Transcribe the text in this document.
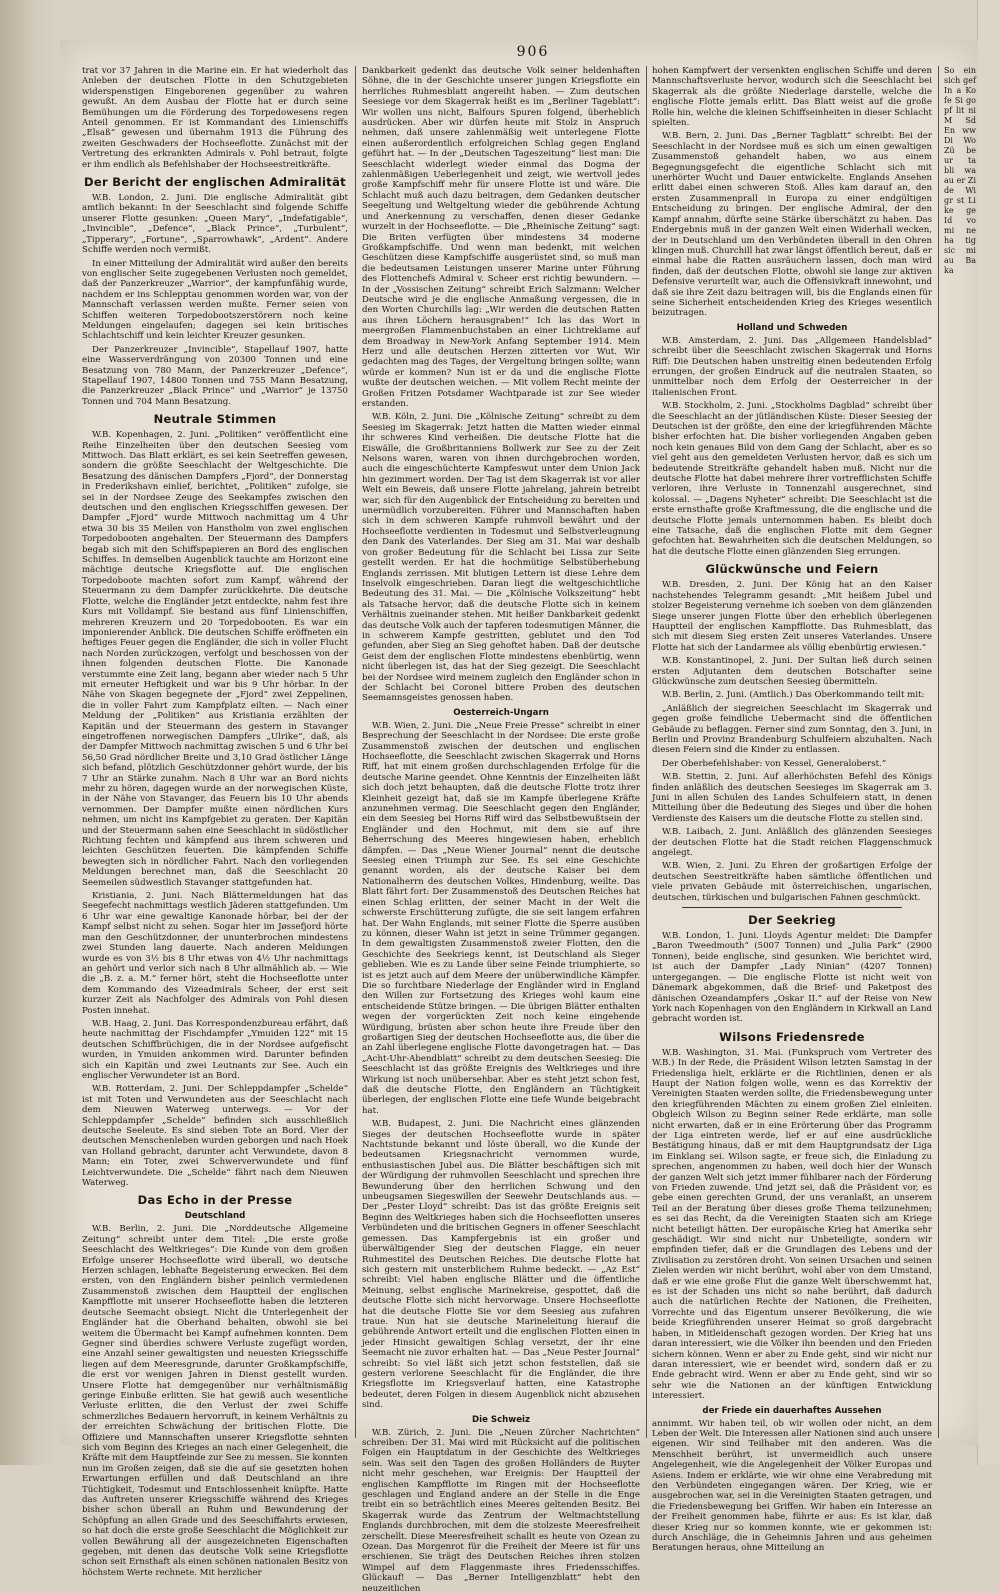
906

trat vor 37 Jahren in die Marine ein. Er hat wiederholt das Anleben der deutschen Flotte in den Schutzgebieten widerspenstigen Eingeborenen gegenüber zu wahren gewußt. An dem Ausbau der Flotte hat er durch seine Bemühungen um die Förderung des Torpedowesens regen Anteil genommen. Er ist Kommandant des Linienschiffs „Elsaß“ gewesen und übernahm 1913 die Führung des zweiten Geschwaders der Hochseeflotte. Zunächst mit der Vertretung des erkrankten Admirals v. Pohl betraut, folgte er ihm endlich als Befehlshaber der Hochseestreitkräfte.

Der Bericht der englischen Admiralität

W.B. London, 2. Juni. Die englische Admiralität gibt amtlich bekannt: In der Seeschlacht sind folgende Schiffe unserer Flotte gesunken: „Queen Mary“, „Indefatigable“, „Invincible“, „Defence“, „Black Prince“, „Turbulent“, „Tipperary“, „Fortune“, „Sparrowhawk“, „Ardent“. Andere Schiffe werden noch vermißt.

In einer Mitteilung der Admiralität wird außer den bereits von englischer Seite zugegebenen Verlusten noch gemeldet, daß der Panzerkreuzer „Warrior“, der kampfunfähig wurde, nachdem er ins Schlepptau genommen worden war, von der Mannschaft verlassen werden mußte. Ferner seien von Schiffen weiteren Torpedobootszerstörern noch keine Meldungen eingelaufen; dagegen sei kein britisches Schlachtschiff und kein leichter Kreuzer gesunken.

Der Panzerkreuzer „Invincible“, Stapellauf 1907, hatte eine Wasserverdrängung von 20300 Tonnen und eine Besatzung von 780 Mann, der Panzerkreuzer „Defence“, Stapellauf 1907, 14800 Tonnen und 755 Mann Besatzung, die Panzerkreuzer „Black Prince“ und „Warrior“ je 13750 Tonnen und 704 Mann Besatzung.

Neutrale Stimmen

W.B. Kopenhagen, 2. Juni. „Politiken“ veröffentlicht eine Reihe Einzelheiten über den deutschen Seesieg vom Mittwoch. Das Blatt erklärt, es sei kein Seetreffen gewesen, sondern die größte Seeschlacht der Weltgeschichte. Die Besatzung des dänischen Dampfers „Fjord“, der Donnerstag in Frederikshavn einlief, berichtet, „Politiken“ zufolge, sie sei in der Nordsee Zeuge des Seekampfes zwischen den deutschen und den englischen Kriegsschiffen gewesen. Der Dampfer „Fjord“ wurde Mittwoch nachmittag um 4 Uhr etwa 30 bis 35 Meilen von Hanstholm von zwei englischen Torpedobooten angehalten. Der Steuermann des Dampfers begab sich mit den Schiffspapieren an Bord des englischen Schiffes. In demselben Augenblick tauchte am Horizont eine mächtige deutsche Kriegsflotte auf. Die englischen Torpedoboote machten sofort zum Kampf, während der Steuermann zu dem Dampfer zurückkehrte. Die deutsche Flotte, welche die Engländer jetzt entdeckte, nahm fest ihre Kurs mit Volldampf. Sie bestand aus fünf Linienschiffen, mehreren Kreuzern und 20 Torpedobooten. Es war ein imponierender Anblick. Die deutschen Schiffe eröffneten ein heftiges Feuer gegen die Engländer, die sich in voller Flucht nach Norden zurückzogen, verfolgt und beschossen von der ihnen folgenden deutschen Flotte. Die Kanonade verstummte eine Zeit lang, begann aber wieder nach 5 Uhr mit erneuter Heftigkeit und war bis 9 Uhr hörbar. In der Nähe von Skagen begegnete der „Fjord“ zwei Zeppelinen, die in voller Fahrt zum Kampfplatz eilten. — Nach einer Meldung der „Politiken“ aus Kristiania erzählten der Kapitän und der Steuermann des gestern in Stavanger eingetroffenen norwegischen Dampfers „Ulrike“, daß, als der Dampfer Mittwoch nachmittag zwischen 5 und 6 Uhr bei 56,50 Grad nördlicher Breite und 3,10 Grad östlicher Länge sich befand, plötzlich Geschützdonner gehört wurde, der bis 7 Uhr an Stärke zunahm. Nach 8 Uhr war an Bord nichts mehr zu hören, dagegen wurde an der norwegischen Küste, in der Nähe von Stavanger, das Feuern bis 10 Uhr abends vernommen. Der Dampfer mußte einen nördlichen Kurs nehmen, um nicht ins Kampfgebiet zu geraten. Der Kapitän und der Steuermann sahen eine Seeschlacht in südöstlicher Richtung fechten und kämpfend aus ihrem schweren und leichten Geschützen feuerten. Die kämpfenden Schiffe bewegten sich in nördlicher Fahrt. Nach den vorliegenden Meldungen berechnet man, daß die Seeschlacht 20 Seemeilen südwestlich Stavanger stattgefunden hat.

Kristiania, 2. Juni. Nach Blättermeldungen hat das Seegefecht nachmittags westlich Jäderen stattgefunden. Um 6 Uhr war eine gewaltige Kanonade hörbar, bei der der Kampf selbst nicht zu sehen. Sogar hier im Jøssefjord hörte man den Geschützdonner, der ununterbrochen mindestens zwei Stunden lang dauerte. Nach anderen Meldungen wurde es von 3½ bis 8 Uhr etwas von 4½ Uhr nachmittags an gehört und verlor sich nach 8 Uhr allmählich ab. — Wie die „B. z. a. M.“ ferner hört, steht die Hochseeflotte unter dem Kommando des Vizeadmirals Scheer, der erst seit kurzer Zeit als Nachfolger des Admirals von Pohl diesen Posten innehat.

W.B. Haag, 2. Juni. Das Korrespondenzbureau erfährt, daß heute nachmittag der Fischdampfer „Ymuiden 122“ mit 15 deutschen Schiffbrüchigen, die in der Nordsee aufgefischt wurden, in Ymuiden ankommen wird. Darunter befinden sich ein Kapitän und zwei Leutnants zur See. Auch ein englischer Verwundeter ist an Bord.

W.B. Rotterdam, 2. Juni. Der Schleppdampfer „Schelde“ ist mit Toten und Verwundeten aus der Seeschlacht nach dem Nieuwen Waterweg unterwegs. — Vor der Schleppdampfer „Schelde“ befinden sich ausschließlich deutsche Seeleute. Es sind sieben Tote an Bord. Vier der deutschen Menschenleben wurden geborgen und nach Hoek van Holland gebracht, darunter acht Verwundete, davon 8 Mann; ein Toter, zwei Schwerverwundete und fünf Leichtverwundete. Die „Schelde“ fährt nach dem Nieuwen Waterweg.

Das Echo in der Presse
Deutschland

W.B. Berlin, 2. Juni. Die „Norddeutsche Allgemeine Zeitung“ schreibt unter dem Titel: „Die erste große Seeschlacht des Weltkrieges“: Die Kunde von dem großen Erfolge unserer Hochseeflotte wird überall, wo deutsche Herzen schlagen, lebhafte Begeisterung erwecken. Bei dem ersten, von den Engländern bisher peinlich vermiedenen Zusammenstoß zwischen dem Hauptteil der englischen Kampfflotte mit unserer Hochseeflotte haben die letzteren deutsche Seemacht obsiegt. Nicht die Unterlegenheit der Engländer hat die Oberhand behalten, obwohl sie bei weitem die Übermacht bei Kampf aufnehmen konnten. Dem Gegner sind überdies schwere Verluste zugefügt worden, eine Anzahl seiner gewaltigsten und neuesten Kriegsschiffe liegen auf dem Meeresgrunde, darunter Großkampfschiffe, die erst vor wenigen Jahren in Dienst gestellt wurden. Unsere Flotte hat demgegenüber nur verhältnismäßig geringe Einbuße erlitten. Sie hat gewiß auch wesentliche Verluste erlitten, die den Verlust der zwei Schiffe schmerzliches Bedauern hervorruft, in keinem Verhältnis zu der erreichten Schwächung der britischen Flotte. Die Offiziere und Mannschaften unserer Kriegsflotte sehnten sich vom Beginn des Krieges an nach einer Gelegenheit, die Kräfte mit dem Hauptfeinde zur See zu messen. Sie konnten nun im Großen zeigen, daß sie die auf sie gesetzten hohen Erwartungen erfüllen und daß Deutschland an ihre Tüchtigkeit, Todesmut und Entschlossenheit knüpfte. Hatte das Auftreten unserer Kriegsschiffe während des Krieges bisher schon überall an Ruhm und Bewunderung der Schöpfung an allen Grade und des Seeschiffahrts erwiesen, so hat doch die erste große Seeschlacht die Möglichkeit zur vollen Bewährung all der ausgezeichneten Eigenschaften gegeben, mit denen das deutsche Volk seine Kriegsflotte schon seit Ernsthaft als einen schönen nationalen Besitz von höchstem Werte rechnete. Mit herzlicher

Dankbarkeit gedenkt das deutsche Volk seiner heldenhaften Söhne, die in der Geschichte unserer jungen Kriegsflotte ein herrliches Ruhmesblatt angereiht haben. — Zum deutschen Seesiege vor dem Skagerrak heißt es im „Berliner Tageblatt“: Wir wollen uns nicht, Balfours Spuren folgend, überheblich ausdrücken. Aber wir dürfen heute mit Stolz in Anspruch nehmen, daß unsere zahlenmäßig weit unterlegene Flotte einen außerordentlich erfolgreichen Schlag gegen England geführt hat. — In der „Deutschen Tageszeitung“ liest man: Die Seeschlacht widerlegt wieder einmal das Dogma der zahlenmäßigen Ueberlegenheit und zeigt, wie wertvoll jedes große Kampfschiff mehr für unsere Flotte ist und wäre. Die Schlacht muß auch dazu beitragen, dem Gedanken deutscher Seegeltung und Weltgeltung wieder die gebührende Achtung und Anerkennung zu verschaffen, denen dieser Gedanke wurzelt in der Hochseeflotte. — Die „Rheinische Zeitung“ sagt: Die Briten verfügten über mindestens 34 moderne Großkampfschiffe. Und wenn man bedenkt, mit welchen Geschützen diese Kampfschiffe ausgerüstet sind, so muß man die bedeutsamen Leistungen unserer Marine unter Führung des Flottenchefs Admiral v. Scheer erst richtig bewundern. — In der „Vossischen Zeitung“ schreibt Erich Salzmann: Welcher Deutsche wird je die englische Anmaßung vergessen, die in den Worten Churchills lag: „Wir werden die deutschen Ratten aus ihren Löchern herausgraben!“ Ich las das Wort in meergroßen Flammenbuchstaben an einer Lichtreklame auf dem Broadway in New-York Anfang September 1914. Mein Herz und alle deutschen Herzen zitterten vor Wut. Wir gedachten mag des Tages, der Vergeltung bringen sollte; wann würde er kommen? Nun ist er da und die englische Flotte wußte der deutschen weichen. — Mit vollem Recht meinte der Großen Fritzen Potsdamer Wachtparade ist zur See wieder erstanden.

W.B. Köln, 2. Juni. Die „Kölnische Zeitung“ schreibt zu dem Seesieg im Skagerrak: Jetzt hatten die Matten wieder einmal ihr schweres Kind verheißen. Die deutsche Flotte hat die Eiswälle, die Großbritanniens Bollwerk zur See zu der Zeit Nelsons waren, waren von ihnen durchgebrochen worden, auch die eingeschüchterte Kampfeswut unter dem Union Jack hin gezimmert worden. Der Tag ist dem Skagerrak ist vor aller Welt ein Beweis, daß unsere Flotte jahrelang, jahrein betreibt war, sich für den Augenblick der Entscheidung zu bereiten und unermüdlich vorzubereiten. Führer und Mannschaften haben sich in dem schweren Kampfe ruhmvoll bewährt und der Hochseeflotte verdienten in Todesmut und Selbstverleugnung den Dank des Vaterlandes. Der Sieg am 31. Mai war deshalb von großer Bedeutung für die Schlacht bei Lissa zur Seite gestellt werden. Er hat die hochmütige Selbstüberhebung Englands zerrissen. Mit blutigen Lettern ist diese Lehre dem Inselvolk eingeschrieben. Daran liegt die weltgeschichtliche Bedeutung des 31. Mai. — Die „Kölnische Volkszeitung“ hebt als Tatsache hervor, daß die deutsche Flotte sich in keinem Verhältnis zueinander stehen. Mit heißer Dankbarkeit gedenkt das deutsche Volk auch der tapferen todesmutigen Männer, die in schwerem Kampfe gestritten, geblutet und den Tod gefunden, aber Sieg an Sieg gehoftet haben. Daß der deutsche Geist dem der englischen Flotte mindestens ebenbürtig, wenn nicht überlegen ist, das hat der Sieg gezeigt. Die Seeschlacht bei der Nordsee wird meinem zugleich den Engländer schon in der Schlacht bei Coronel bittere Proben des deutschen Seemannsgeistes genossen haben.

Oesterreich-Ungarn

W.B. Wien, 2. Juni. Die „Neue Freie Presse“ schreibt in einer Besprechung der Seeschlacht in der Nordsee: Die erste große Zusammenstoß zwischen der deutschen und englischen Hochseeflotte, die Seeschlacht zwischen Skagerrak und Horns Riff, hat mit einem großen durchschlagenden Erfolge für die deutsche Marine geendet. Ohne Kenntnis der Einzelheiten läßt sich doch jetzt behaupten, daß die deutsche Flotte trotz ihrer Kleinheit gezeigt hat, daß sie im Kampfe überlegene Kräfte anzunehmen vermag. Die Seeschlacht gegen den Engländer, ein dem Seesieg bei Horns Riff wird das Selbstbewußtsein der Engländer und den Hochmut, mit dem sie auf ihre Beherrschung des Meeres hingewiesen haben, erheblich dämpfen. — Das „Neue Wiener Journal“ nennt die deutsche Seesieg einen Triumph zur See. Es sei eine Geschichte genannt worden, als der deutsche Kaiser bei dem Nationalherrn des deutschen Volkes, Hindenburg, weilte. Das Blatt fährt fort: Der Zusammenstoß des Deutschen Reiches hat einen Schlag erlitten, der seiner Macht in der Welt die schwerste Erschütterung zufügte, die sie seit langem erfahren hat. Der Wahn Englands, mit seiner Flotte die Sperre ausüben zu können, dieser Wahn ist jetzt in seine Trümmer gegangen. In dem gewaltigsten Zusammenstoß zweier Flotten, den die Geschichte des Seekriegs kennt, ist Deutschland als Sieger geblieben. Wie es zu Lande über seine Feinde triumphierte, so ist es jetzt auch auf dem Meere der unüberwindliche Kämpfer. Die so furchtbare Niederlage der Engländer wird in England den Willen zur Fortsetzung des Krieges wohl kaum eine entscheidende Stütze bringen. — Die übrigen Blätter enthalten wegen der vorgerückten Zeit noch keine eingehende Würdigung, brüsten aber schon heute ihre Freude über den großartigen Sieg der deutschen Hochseeflotte aus, die über die an Zahl überlegene englische Flotte davongetragen hat. — Das „Acht-Uhr-Abendblatt“ schreibt zu dem deutschen Seesieg: Die Seeschlacht ist das größte Ereignis des Weltkrieges und ihre Wirkung ist noch unübersehbar. Aber es steht jetzt schon fest, daß die deutsche Flotte, den Engländern an Tüchtigkeit überlegen, der englischen Flotte eine tiefe Wunde beigebracht hat.

W.B. Budapest, 2. Juni. Die Nachricht eines glänzenden Sieges der deutschen Hochseeflotte wurde in später Nachtstunde bekannt und löste überall, wo die Kunde der bedeutsamen Kriegsnachricht vernommen wurde, enthusiastischen Jubel aus. Die Blätter beschäftigen sich mit der Würdigung der ruhmvollen Seeschlacht und sprechen ihre Bewunderung über den herrlichen Schwung und den unbeugsamen Siegeswillen der Seewehr Deutschlands aus. — Der „Pester Lloyd“ schreibt: Das ist das größte Ereignis seit Beginn des Weltkrieges haben sich die Hochseeflotten unseres Verbündeten und die britischen Gegners in offener Seeschlacht gemessen. Das Kampfergebnis ist ein großer und überwältigender Sieg der deutschen Flagge, ein neuer Ruhmestitel des Deutschen Reiches. Die deutsche Flotte hat sich gestern mit unsterblichem Ruhme bedeckt. — „Az Est“ schreibt: Viel haben englische Blätter und die öffentliche Meinung, selbst englische Marinekreise, gespottet, daß die deutsche Flotte sich nicht hervorwage. Unsere Hochseeflotte hat die deutsche Flotte Sie vor dem Seesieg aus zufahren traue. Nun hat sie deutsche Marineleitung hierauf die gebührende Antwort erteilt und die englischen Flotten einen in jeder Hinsicht gewaltigen Schlag versetzt, der ihr eine Seemacht nie zuvor erhalten hat. — Das „Neue Pester Journal“ schreibt: So viel läßt sich jetzt schon feststellen, daß sie gestern verlorene Seeschlacht für die Engländer, die ihre Kriegsflotte im Kriegsverlauf hatten, eine Katastrophe bedeutet, deren Folgen in diesem Augenblick nicht abzusehen sind.

Die Schweiz

W.B. Zürich, 2. Juni. Die „Neuen Zürcher Nachrichten“ schreiben: Der 31. Mai wird mit Rücksicht auf die politischen Folgen ein Hauptdatum in der Geschichte des Weltkrieges sein. Was seit den Tagen des großen Holländers de Ruyter nicht mehr geschehen, war Ereignis: Der Hauptteil der englischen Kampfflotte im Ringen mit der Hochseeflotte geschlagen und England andere an der Stelle in die Enge treibt ein so beträchtlich eines Meeres geltenden Besitz. Bei Skagerrak wurde das Zentrum der Weltmachtstellung Englands durchbrochen, mit dem die stolzeste Meeresfreiheit zerschellt. Diese Meeresfreiheit schallt es heute von Ozean zu Ozean. Das Morgenrot für die Freiheit der Meere ist für uns erschienen. Sie trägt des Deutschen Reiches ihren stolzen Wimpel auf dem Flaggenmaste ihres Friedensschiffes. Glückauf! — Das „Berner Intelligenzblatt“ hebt den neuzeitlichen

hohen Kampfwert der versenkten englischen Schiffe und deren Mannschaftsverluste hervor, wodurch sich die Seeschlacht bei Skagerrak als die größte Niederlage darstelle, welche die englische Flotte jemals erlitt. Das Blatt weist auf die große Rolle hin, welche die kleinen Schiffseinheiten in dieser Schlacht spielten.

W.B. Bern, 2. Juni. Das „Berner Tagblatt“ schreibt: Bei der Seeschlacht in der Nordsee muß es sich um einen gewaltigen Zusammenstoß gehandelt haben, wo aus einem Begegnungsgefecht die eigentliche Schlacht sich mit unerhörter Wucht und Dauer entwickelte. Englands Ansehen erlitt dabei einen schweren Stoß. Alles kam darauf an, den ersten Zusammenprall in Europa zu einer endgültigen Entscheidung zu bringen. Der englische Admiral, der den Kampf annahm, dürfte seine Stärke überschätzt zu haben. Das Endergebnis muß in der ganzen Welt einen Widerhall wecken, der in Deutschland um den Verbündeten überall in den Ohren klingen muß. Churchill hat zwar längst öffentlich bereut, daß er einmal habe die Ratten ausräuchern lassen, doch man wird finden, daß der deutschen Flotte, obwohl sie lange zur aktiven Defensive verurteilt war, auch die Offensivkraft innewohnt, und daß sie ihre Zeit dazu beitragen will, bis die Englands einen für seine Sicherheit entscheidenden Krieg des Krieges wesentlich beizutragen.

Holland und Schweden

W.B. Amsterdam, 2. Juni. Das „Allgemeen Handelsblad“ schreibt über die Seeschlacht zwischen Skagerrak und Horns Riff: Die Deutschen haben unstreitig einen bedeutenden Erfolg errungen, der großen Eindruck auf die neutralen Staaten, so unmittelbar noch dem Erfolg der Oesterreicher in der italienischen Front.

W.B. Stockholm, 2. Juni. „Stockholms Dagblad“ schreibt über die Seeschlacht an der jütländischen Küste: Dieser Seesieg der Deutschen ist der größte, den eine der kriegführenden Mächte bisher erfochten hat. Die bisher vorliegenden Angaben geben noch kein genaues Bild von dem Gang der Schlacht, aber es so viel geht aus den gemeldeten Verlusten hervor, daß es sich um bedeutende Streitkräfte gehandelt haben muß. Nicht nur die deutsche Flotte hat dabei mehrere ihrer vortrefflichsten Schiffe verloren, ihre Verluste in Tonnenzahl ausgerechnet, sind kolossal. — „Dagens Nyheter“ schreibt: Die Seeschlacht ist die erste ernsthafte große Kraftmessung, die die englische und die deutsche Flotte jemals unternommen haben. Es bleibt doch eine Tatsache, daß die englischen Flotte mit dem Gegner gefochten hat. Bewahrheiten sich die deutschen Meldungen, so hat die deutsche Flotte einen glänzenden Sieg errungen.

Glückwünsche und Feiern

W.B. Dresden, 2. Juni. Der König hat an den Kaiser nachstehendes Telegramm gesandt: „Mit heißem Jubel und stolzer Begeisterung vernehme ich soeben von dem glänzenden Siege unserer jungen Flotte über den erheblich überlegenen Hauptteil der englischen Kampfflotte. Das Ruhmesblatt, das sich mit diesem Sieg ersten Zeit unseres Vaterlandes. Unsere Flotte hat sich der Landarmee als völlig ebenbürtig erwiesen.“

W.B. Konstantinopel, 2. Juni. Der Sultan ließ durch seinen ersten Adjutanten dem deutschen Botschafter seine Glückwünsche zum deutschen Seesieg übermitteln.

W.B. Berlin, 2. Juni. (Amtlich.) Das Oberkommando teilt mit:

„Anläßlich der siegreichen Seeschlacht im Skagerrak und gegen große feindliche Uebermacht sind die öffentlichen Gebäude zu beflaggen. Ferner sind zum Sonntag, den 3. Juni, in Berlin und Provinz Brandenburg Schulfeiern abzuhalten. Nach diesen Feiern sind die Kinder zu entlassen.

Der Oberbefehlshaber: von Kessel, Generaloberst.“

W.B. Stettin, 2. Juni. Auf allerhöchsten Befehl des Königs finden anläßlich des deutschen Seesieges im Skagerrak am 3. Juni in allen Schulen des Landes Schulfeiern statt, in denen Mitteilung über die Bedeutung des Sieges und über die hohen Verdienste des Kaisers um die deutsche Flotte zu stellen sind.

W.B. Laibach, 2. Juni. Anläßlich des glänzenden Seesieges der deutschen Flotte hat die Stadt reichen Flaggenschmuck angelegt.

W.B. Wien, 2. Juni. Zu Ehren der großartigen Erfolge der deutschen Seestreitkräfte haben sämtliche öffentlichen und viele privaten Gebäude mit österreichischen, ungarischen, deutschen, türkischen und bulgarischen Fahnen geschmückt.

Der Seekrieg

W.B. London, 1. Juni. Lloyds Agentur meldet: Die Dampfer „Baron Tweedmouth“ (5007 Tonnen) und „Julia Park“ (2900 Tonnen), beide englische, sind gesunken. Wie berichtet wird, ist auch der Dampfer „Lady Ninian“ (4207 Tonnen) untergegangen. — Die englische Flotte ist nicht weit von Dänemark abgekommen, daß die Brief- und Paketpost des dänischen Ozeandampfers „Oskar II.“ auf der Reise von New York nach Kopenhagen von den Engländern in Kirkwall an Land gebracht worden ist.

Wilsons Friedensrede

W.B. Washington, 31. Mai. (Funkspruch vom Vertreter des W.B.) In der Rede, die Präsident Wilson letzten Samstag in der Friedensliga hielt, erklärte er die Richtlinien, denen er als Haupt der Nation folgen wolle, wenn es das Korrektiv der Vereinigten Staaten werden sollte, die Friedensbewegung unter den kriegführenden Mächten zu einem großen Ziel einleiten. Obgleich Wilson zu Beginn seiner Rede erklärte, man solle nicht erwarten, daß er in eine Erörterung über das Programm der Liga eintreten werde, lief er auf eine ausdrückliche Bestätigung hinaus, daß er mit dem Hauptgrundsatz der Liga im Einklang sei. Wilson sagte, er freue sich, die Einladung zu sprechen, angenommen zu haben, weil doch hier der Wunsch der ganzen Welt sich jetzt immer fühlbarer nach der Förderung von Frieden zuwende. Und jetzt sei, daß die Präsident vor, es gebe einen gerechten Grund, der uns veranlaßt, an unserem Teil an der Beratung über dieses große Thema teilzunehmen; es sei das Recht, da die Vereinigten Staaten sich am Kriege nicht beteiligt hätten. Der europäische Krieg hat Amerika sehr geschädigt. Wir sind nicht nur Unbeteiligte, sondern wir empfinden tiefer, daß er die Grundlagen des Lebens und der Zivilisation zu zerstören droht. Von seinen Ursachen und seinen Zielen werden wir nicht berührt, wohl aber von dem Umstand, daß er wie eine große Flut die ganze Welt überschwemmt hat, es ist der Schaden uns nicht so nahe berührt, daß dadurch auch die natürlichen Rechte der Nationen, die Freiheiten, Vorrechte und das Eigentum unserer Bevölkerung, die wie beide Kriegführenden unserer Heimat so groß dargebracht haben, in Mitleidenschaft gezogen worden. Der Krieg hat uns daran interessiert, wie die Völker ihn beenden und den Frieden sichern können. Wenn er aber zu Ende geht, sind wir nicht nur daran interessiert, wie er beendet wird, sondern daß er zu Ende gebracht wird. Wenn er aber zu Ende geht, sind wir so sehr wie die Nationen an der künftigen Entwicklung interessiert.

der Friede ein dauerhaftes Aussehen

annimmt. Wir haben teil, ob wir wollen oder nicht, an dem Leben der Welt. Die Interessen aller Nationen sind auch unsere eigenen. Wir sind Teilhaber mit den anderen. Was die Menschheit berührt, ist unvermeidlich auch unsere Angelegenheit, wie die Angelegenheit der Völker Europas und Asiens. Indem er erklärte, wie wir ohne eine Verabredung mit den Verbündeten eingegangen wären. Der Krieg, wie er ausgebrochen war, sei in die Vereinigten Staaten getragen, und die Friedensbewegung bei Griffen. Wir haben ein Interesse an der Freiheit genommen habe, führte er aus: Es ist klar, daß dieser Krieg nur so kommen konnte, wie er gekommen ist: durch Anschläge, die in Geheimnis Jahren und aus geheimen Beratungen heraus, ohne Mitteilung an

So ein sich gef In a Ko fe Si go pf lit ni M Sd En ww Di Wo Zü be ur ta bli wa au er Zi de Wi gr st Li ke ge Id vo mi ne ha tig sic mi au Ba ka
